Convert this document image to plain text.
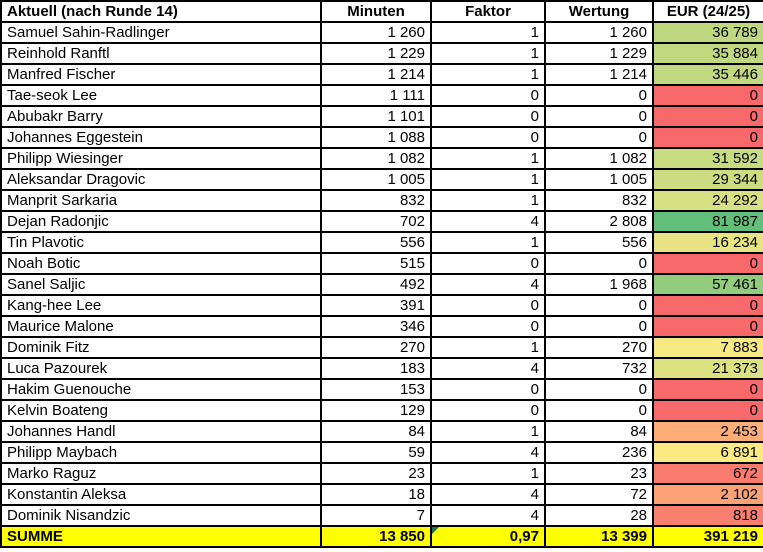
Aktuell (nach Runde 14)	Minuten	Faktor	Wertung	EUR (24/25)
Samuel Sahin-Radlinger	1 260	1	1 260	36 789
Reinhold Ranftl	1 229	1	1 229	35 884
Manfred Fischer	1 214	1	1 214	35 446
Tae-seok Lee	1 111	0	0	0
Abubakr Barry	1 101	0	0	0
Johannes Eggestein	1 088	0	0	0
Philipp Wiesinger	1 082	1	1 082	31 592
Aleksandar Dragovic	1 005	1	1 005	29 344
Manprit Sarkaria	832	1	832	24 292
Dejan Radonjic	702	4	2 808	81 987
Tin Plavotic	556	1	556	16 234
Noah Botic	515	0	0	0
Sanel Saljic	492	4	1 968	57 461
Kang-hee Lee	391	0	0	0
Maurice Malone	346	0	0	0
Dominik Fitz	270	1	270	7 883
Luca Pazourek	183	4	732	21 373
Hakim Guenouche	153	0	0	0
Kelvin Boateng	129	0	0	0
Johannes Handl	84	1	84	2 453
Philipp Maybach	59	4	236	6 891
Marko Raguz	23	1	23	672
Konstantin Aleksa	18	4	72	2 102
Dominik Nisandzic	7	4	28	818
SUMME	13 850	0,97	13 399	391 219
